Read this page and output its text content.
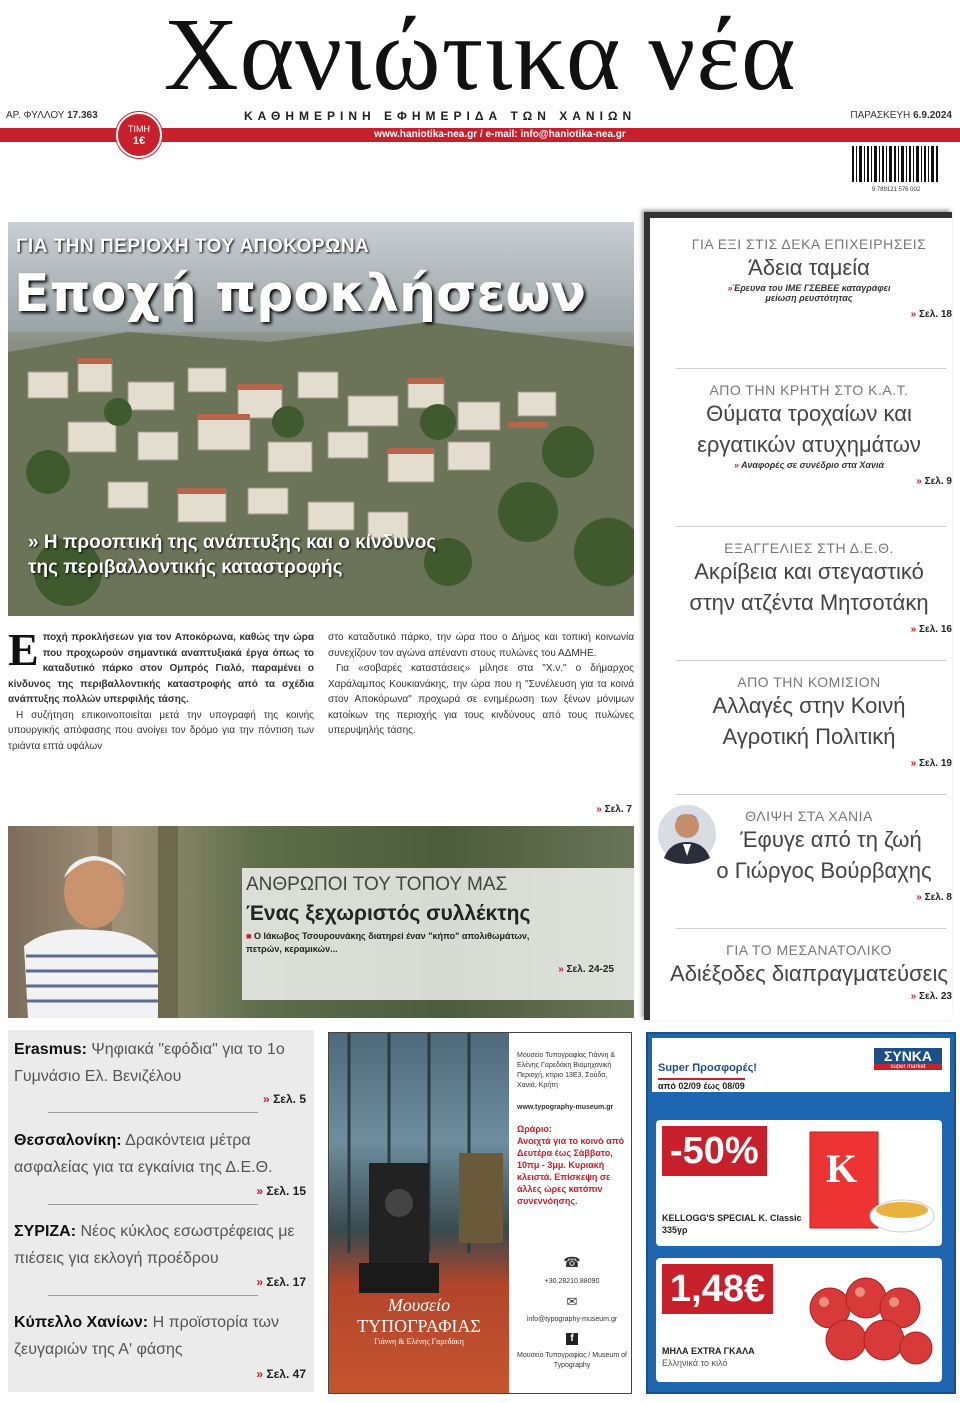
Χανιώτικα νέα
ΑΡ. ΦΥΛΛΟΥ 17.363	ΚΑΘΗΜΕΡΙΝΗ ΕΦΗΜΕΡΙΔΑ ΤΩΝ ΧΑΝΙΩΝ	ΠΑΡΑΣΚΕΥΗ 6.9.2024
www.haniotika-nea.gr / e-mail: info@haniotika-nea.gr
ΤΙΜΗ
1€
9 789121 576 002
ΓΙΑ ΤΗΝ ΠΕΡΙΟΧΗ ΤΟΥ ΑΠΟΚΟΡΩΝΑ
Εποχή προκλήσεων
» Η προοπτική της ανάπτυξης και ο κίνδυνος
της περιβαλλοντικής καταστροφής
Ε ποχή προκλήσεων για τον Αποκόρωνα, καθώς την ώρα που προχωρούν σημαντικά αναπτυξιακά έργα όπως το καταδυτικό πάρκο στον Ομπρός Γιαλό, παραμένει ο κίνδυνος της περιβαλλοντικής καταστροφής από τα σχέδια ανάπτυξης πολλών υπερφιλής τάσης.

Η συζήτηση επικοινοποιείται μετά την υπογραφή της κοινής υπουργικής απόφασης που ανοίγει τον δρόμο για την πόντιση των τριάντα επτά υφάλων

στο καταδυτικό πάρκο, την ώρα που ο Δήμος και τοπική κοινωνία συνεχίζουν τον αγώνα απέναντι στους πυλώνες του ΑΔΜΗΕ.

Για «σοβαρές καταστάσεις» μίλησε στα "Χ.ν." ο δήμαρχος Χαράλαμπος Κουκιανάκης, την ώρα που η "Συνέλευση για τα κοινά στον Αποκόρωνα" προχωρά σε ενημέρωση των ξένων μόνιμων κατοίκων της περιοχής για τους κινδύνους από τους πυλώνες υπερυψηλής τάσης.

» Σελ. 7
ΑΝΘΡΩΠΟΙ ΤΟΥ ΤΟΠΟΥ ΜΑΣ
Ένας ξεχωριστός συλλέκτης
■ Ο Ιάκωβος Τσουρουνάκης διατηρεί έναν "κήπο" απολιθωμάτων, πετρών, κεραμικών...
» Σελ. 24-25
ΓΙΑ ΕΞΙ ΣΤΙΣ ΔΕΚΑ ΕΠΙΧΕΙΡΗΣΕΙΣ
Άδεια ταμεία
»Έρευνα του ΙΜΕ ΓΣΕΒΕΕ καταγράφει
μείωση ρευστότητας
» Σελ. 18
ΑΠΟ ΤΗΝ ΚΡΗΤΗ ΣΤΟ Κ.Α.Τ.
Θύματα τροχαίων και
εργατικών ατυχημάτων
» Αναφορές σε συνέδριο στα Χανιά
» Σελ. 9
ΕΞΑΓΓΕΛΙΕΣ ΣΤΗ Δ.Ε.Θ.
Ακρίβεια και στεγαστικό
στην ατζέντα Μητσοτάκη
» Σελ. 16
ΑΠΟ ΤΗΝ ΚΟΜΙΣΙΟΝ
Αλλαγές στην Κοινή
Αγροτική Πολιτική
» Σελ. 19
ΘΛΙΨΗ ΣΤΑ ΧΑΝΙΑ
Έφυγε από τη ζωή
ο Γιώργος Βούρβαχης
» Σελ. 8
ΓΙΑ ΤΟ ΜΕΣΑΝΑΤΟΛΙΚΟ
Αδιέξοδες διαπραγματεύσεις
» Σελ. 23
Erasmus: Ψηφιακά "εφόδια" για το 1ο Γυμνάσιο Ελ. Βενιζέλου
» Σελ. 5
Θεσσαλονίκη: Δρακόντεια μέτρα ασφαλείας για τα εγκαίνια της Δ.Ε.Θ.
» Σελ. 15
ΣΥΡΙΖΑ: Νέος κύκλος εσωστρέφειας με πιέσεις για εκλογή προέδρου
» Σελ. 17
Κύπελλο Χανίων: Η προϊστορία των ζευγαριών της Α' φάσης
» Σελ. 47
Μουσείο
ΤΥΠΟΓΡΑΦΙΑΣ
Γιάννη & Ελένης Γαρεδάκη
Μουσείο Τυπογραφίας Γιάννη & Ελένης Γαρεδάκη Βιομηχανική Περιοχή, κτίριο 13Ε3, Σούδα, Χανιά, Κρήτη
www.typography-museum.gr
Ωράριο:
Ανοιχτά για το κοινό από Δευτέρα έως Σάββατο, 10πμ - 3μμ. Κυριακή κλειστά. Επίσκεψη σε άλλες ώρες κατόπιν συνεννόησης.
☎
+30.28210.88090
✉
info@typography-museum.gr
f
Μουσείο Τυπογραφίας / Museum of Typography
Super Προσφορές!
από 02/09 έως 08/09
ΣΥΝΚΑ
super market
-50%
KELLOGG'S SPECIAL K. Classic 335γρ
K
1,48€
ΜΗΛΑ EXTRA ΓΚΑΛΑ
Ελληνικά το κιλό
